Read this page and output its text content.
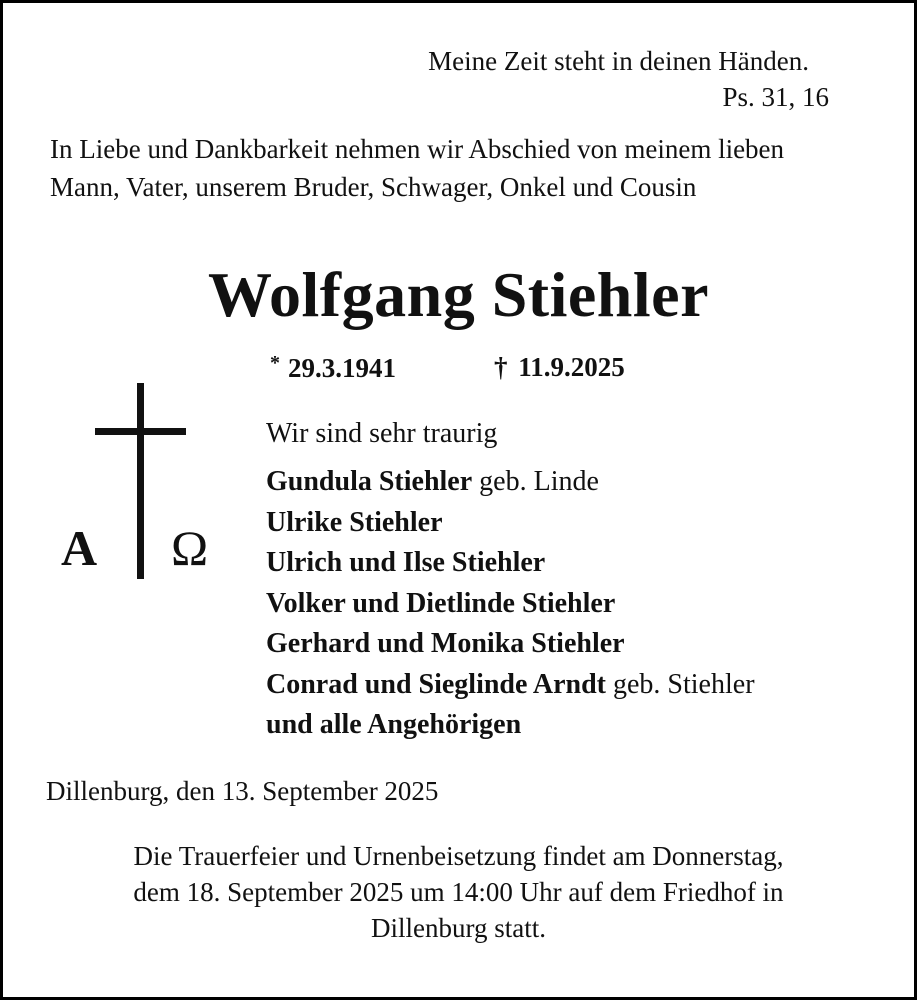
Meine Zeit steht in deinen Händen.
Ps. 31, 16
In Liebe und Dankbarkeit nehmen wir Abschied von meinem lieben Mann, Vater, unserem Bruder, Schwager, Onkel und Cousin
Wolfgang Stiehler
* 29.3.1941	† 11.9.2025
A Ω
Wir sind sehr traurig
Gundula Stiehler geb. Linde
Ulrike Stiehler
Ulrich und Ilse Stiehler
Volker und Dietlinde Stiehler
Gerhard und Monika Stiehler
Conrad und Sieglinde Arndt geb. Stiehler
und alle Angehörigen
Dillenburg, den 13. September 2025
Die Trauerfeier und Urnenbeisetzung findet am Donnerstag,
dem 18. September 2025 um 14:00 Uhr auf dem Friedhof in
Dillenburg statt.
